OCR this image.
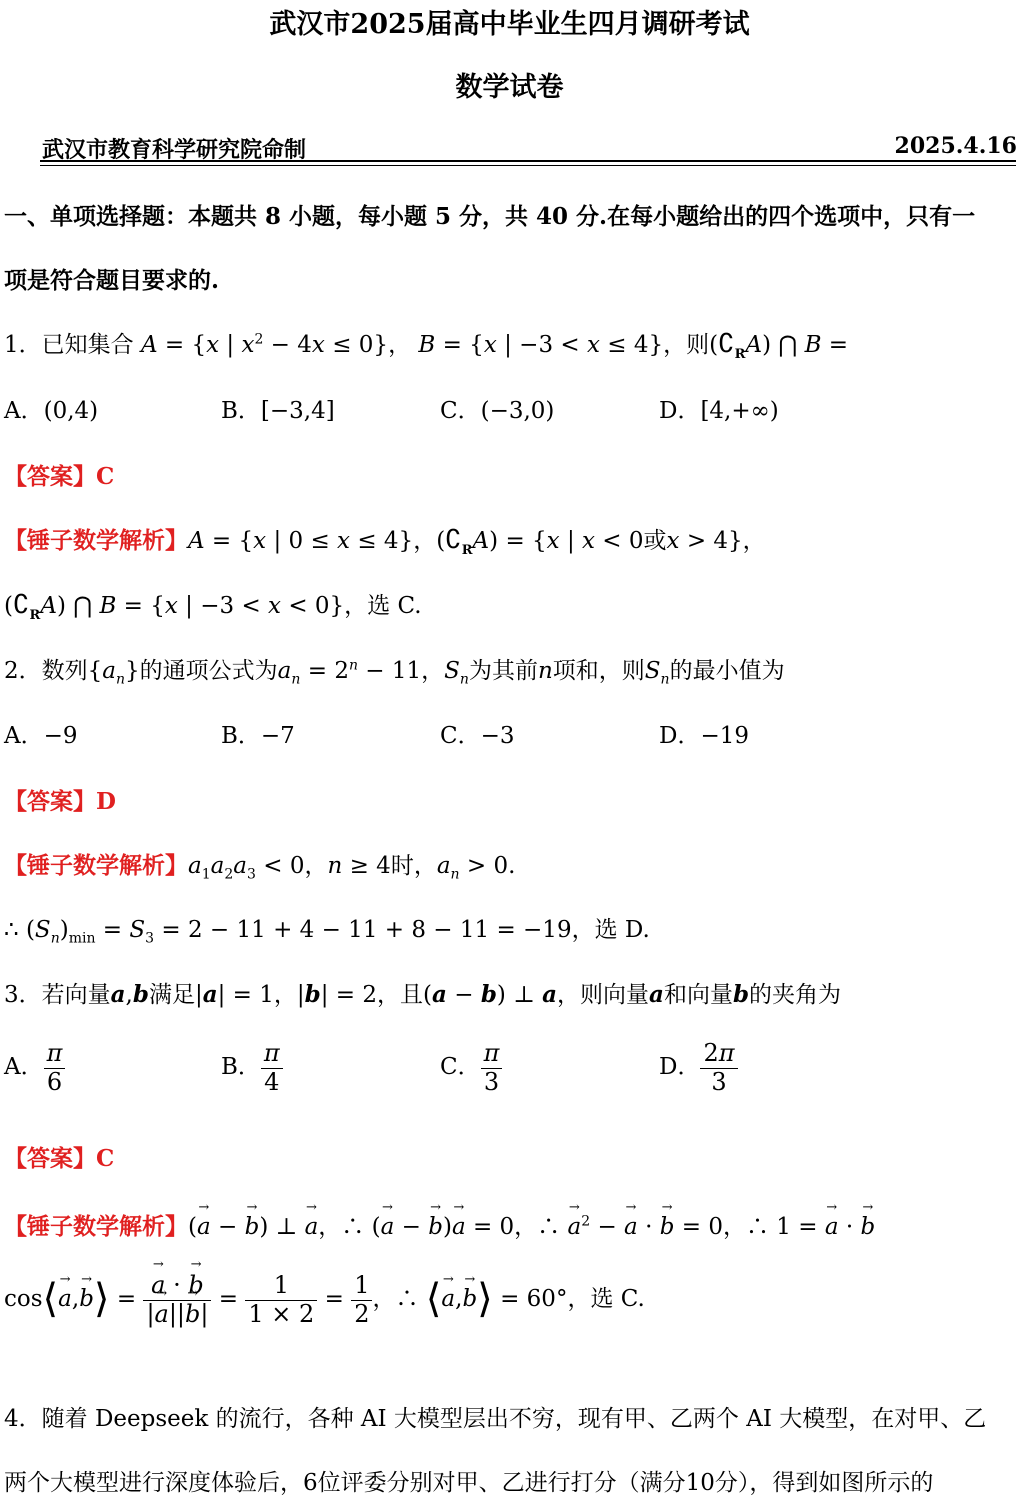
武汉市2025届高中毕业生四月调研考试
数学试卷
武汉市教育科学研究院命制	2025.4.16
一、单项选择题：本题共 8 小题，每小题 5 分，共 40 分.在每小题给出的四个选项中，只有一
项是符合题目要求的.
1．已知集合 A = {x | $x^2 - 4x \le 0$}， B = {x | −3 < x ≤ 4}，则$(∁_RA)$ ⋂ B =
A．(0,4)	B．[−3,4]	C．(−3,0)	D．[4,+∞)
【答案】C
【锤子数学解析】A = {x | 0 ≤ x ≤ 4}，$(∁_RA) = \{x$ | x < 0或x > 4}，
$(∁_RA)$ ⋂ B = {x | −3 < x < 0}，选 C.
2．数列$\{a_n\}$的通项公式为$a_n = 2^n - 11$，$S_n$为其前n项和，则$S_n$的最小值为
A．−9	B．−7	C．−3	D．−19
【答案】D
【锤子数学解析】$a_1a_2a_3 < 0$，n ≥ 4时，$a_n > 0$.
∴ $(S_n)_{min} = S_3 = 2 - 11 + 4 - 11 + 8 - 11 = -19$，选 D.
3．若向量a,b满足|a| = 1，|b| = 2，且(a − b) ⊥ a，则向量a和向量b的夹角为
A． $\frac{\pi}{6}$	B． $\frac{\pi}{4}$	C． $\frac{\pi}{3}$	D． $\frac{2\pi}{3}$
【答案】C
【锤子数学解析】(→ a − → b) ⊥ → a，∴ (→ a − → b)→ a = 0，∴ → $a^2$ − → a · → b = 0，∴ 1 = → a · → b
cos⟨→ a,→ b⟩ =
→ $\frac{a \cdot \to b}{|\to a||\to b|} = \frac{1}{1 \times 2} = \frac{1}{2}$ ，∴ ⟨→ a,→ b⟩ = 60°，选 C.
4．随着 Deepseek 的流行，各种 AI 大模型层出不穷，现有甲、乙两个 AI 大模型，在对甲、乙
两个大模型进行深度体验后，6位评委分别对甲、乙进行打分（满分10分），得到如图所示的
